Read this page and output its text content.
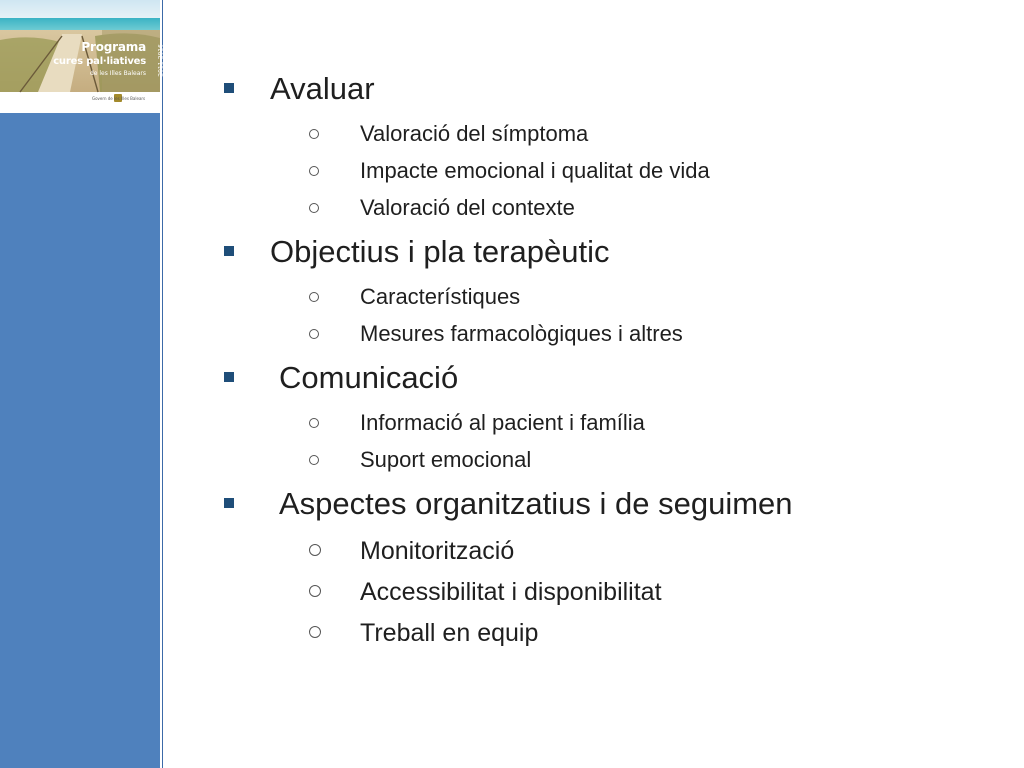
Programa
cures pal·liatives
de les Illes Balears 2011-2016
Govern de les Illes Balears	Avaluar
Valoració del símptoma
Impacte emocional i qualitat de vida
Valoració del contexte
Objectius i pla terapèutic
Característiques
Mesures farmacològiques i altres
Comunicació
Informació al pacient i família
Suport emocional
Aspectes organitzatius i de seguimen
Monitorització
Accessibilitat i disponibilitat
Treball en equip
